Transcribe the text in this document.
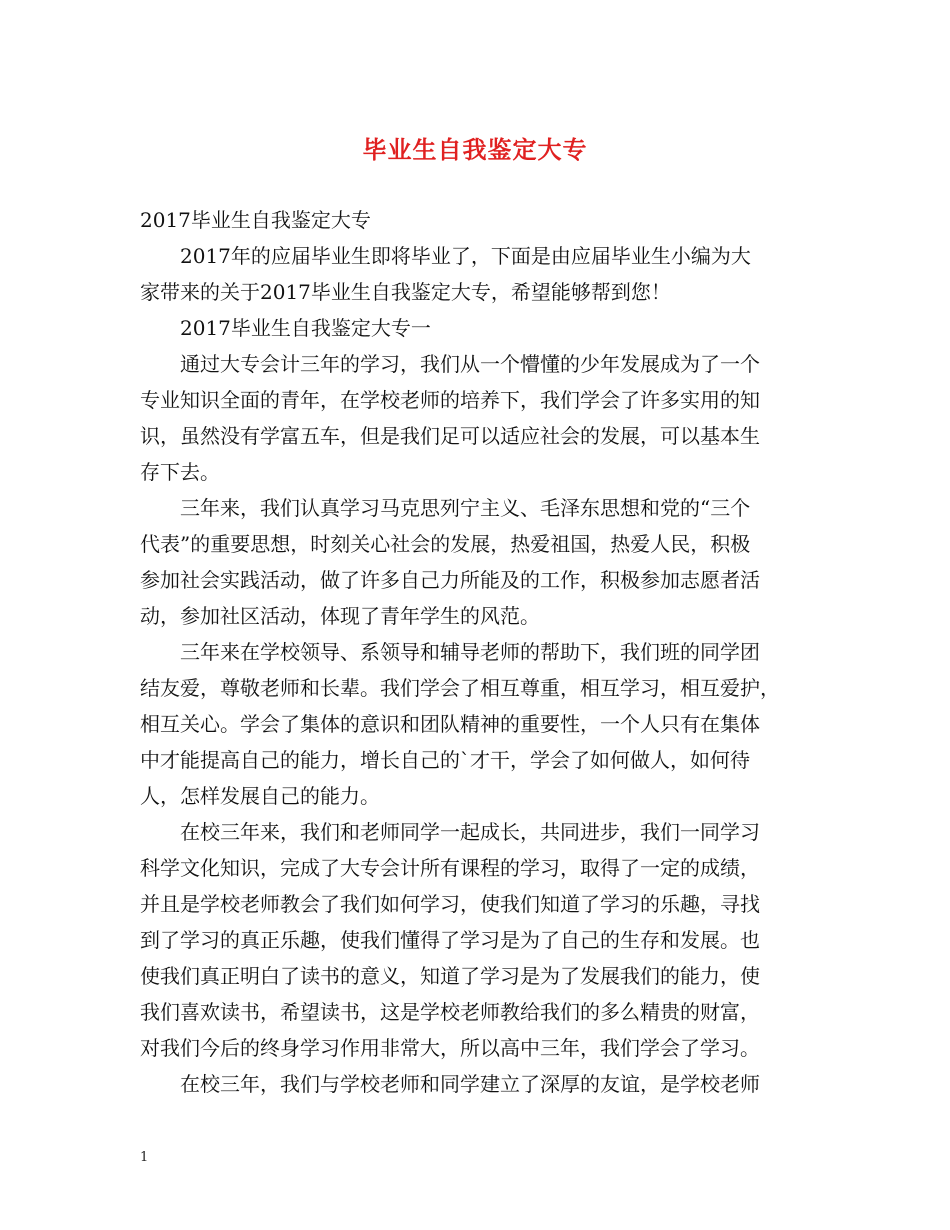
毕业生自我鉴定大专
2017毕业生自我鉴定大专
2017年的应届毕业生即将毕业了，下面是由应届毕业生小编为大
家带来的关于2017毕业生自我鉴定大专，希望能够帮到您！
2017毕业生自我鉴定大专一
通过大专会计三年的学习，我们从一个懵懂的少年发展成为了一个
专业知识全面的青年，在学校老师的培养下，我们学会了许多实用的知
识，虽然没有学富五车，但是我们足可以适应社会的发展，可以基本生
存下去。
三年来，我们认真学习马克思列宁主义、毛泽东思想和党的“三个
代表”的重要思想，时刻关心社会的发展，热爱祖国，热爱人民，积极
参加社会实践活动，做了许多自己力所能及的工作，积极参加志愿者活
动，参加社区活动，体现了青年学生的风范。
三年来在学校领导、系领导和辅导老师的帮助下，我们班的同学团
结友爱，尊敬老师和长辈。我们学会了相互尊重，相互学习，相互爱护，
相互关心。学会了集体的意识和团队精神的重要性，一个人只有在集体
中才能提高自己的能力，增长自己的`才干，学会了如何做人，如何待
人，怎样发展自己的能力。
在校三年来，我们和老师同学一起成长，共同进步，我们一同学习
科学文化知识，完成了大专会计所有课程的学习，取得了一定的成绩，
并且是学校老师教会了我们如何学习，使我们知道了学习的乐趣，寻找
到了学习的真正乐趣，使我们懂得了学习是为了自己的生存和发展。也
使我们真正明白了读书的意义，知道了学习是为了发展我们的能力，使
我们喜欢读书，希望读书，这是学校老师教给我们的多么精贵的财富，
对我们今后的终身学习作用非常大，所以高中三年，我们学会了学习。
在校三年，我们与学校老师和同学建立了深厚的友谊，是学校老师
1
